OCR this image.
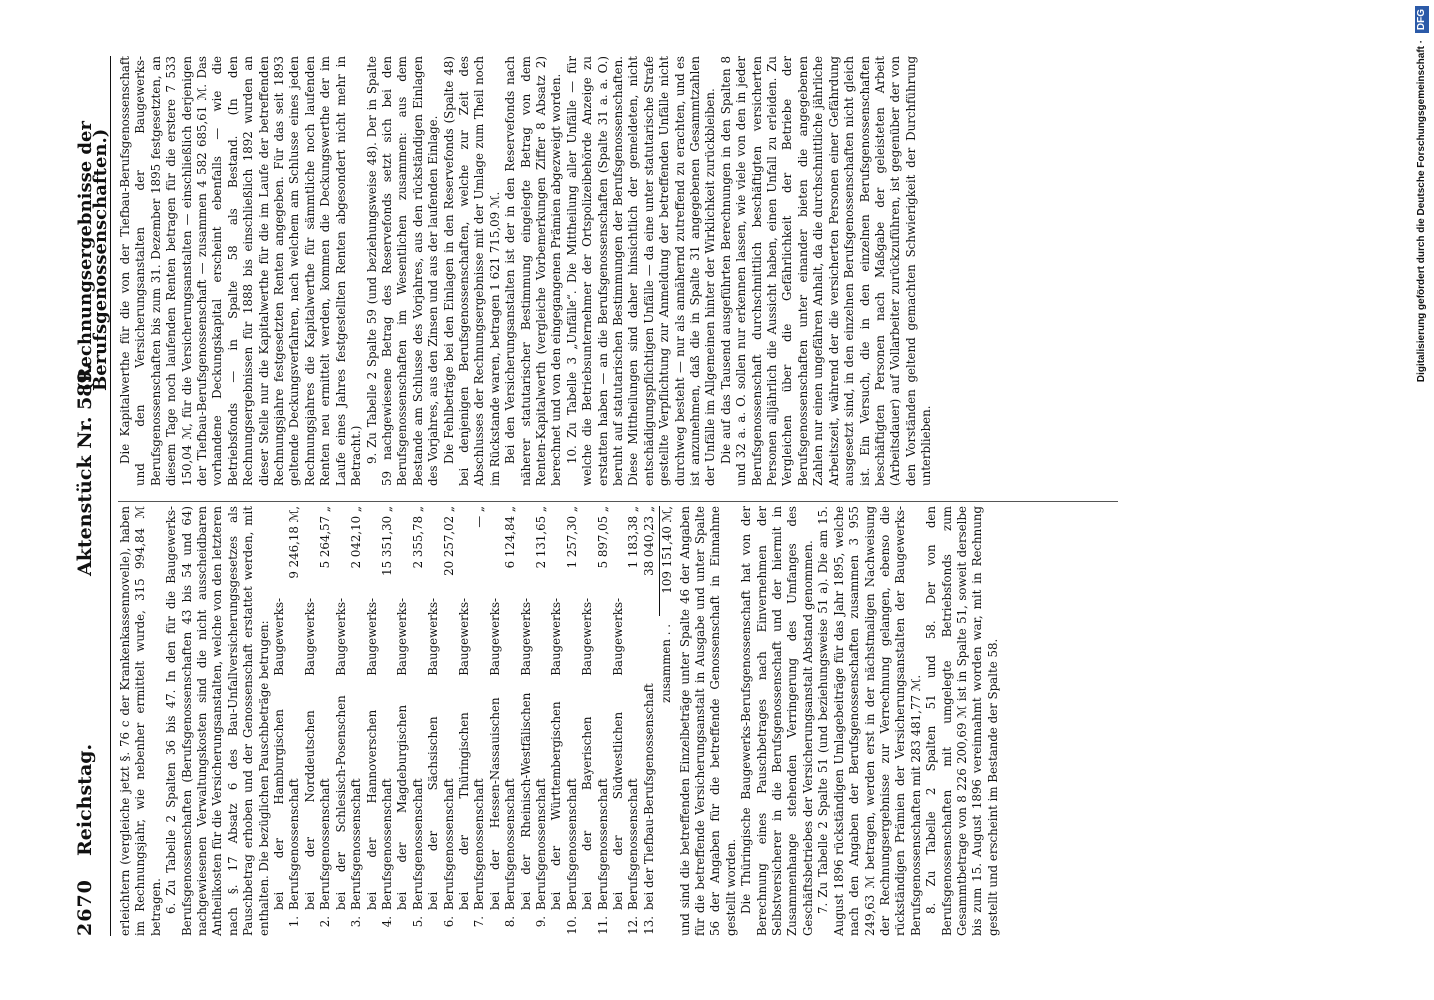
2670
Reichstag.
Aktenstück Nr. 589.
(Rechnungsergebnisse der Berufsgenossenschaften.)

erleichtern (vergleiche jetzt §. 76 c der Krankenkassennovelle), haben im Rechnungsjahr, wie nebenher ermittelt wurde, 315 994,84 ℳ betragen. 6. Zu Tabelle 2 Spalten 36 bis 47. In den für die Baugewerks-Berufsgenossenschaften (Berufsgenossenschaften 43 bis 54 und 64) nachgewiesenen Verwaltungskosten sind die nicht ausscheidbaren Antheilkosten für die Versicherungsanstalten, welche von den letzteren nach §. 17 Absatz 6 des Bau-Unfallversicherungsgesetzes als Pauschbetrag erhoben und der Genossenschaft erstattet werden, mit enthalten. Die bezüglichen Pauschbeträge betrugen: 1.
bei der Hamburgischen Baugewerks-Berufsgenossenschaft
9 246,18 ℳ,
2.
bei der Norddeutschen Baugewerks-Berufsgenossenschaft
5 264,57 „
3.
bei der Schlesisch-Posenschen Baugewerks-Berufsgenossenschaft
2 042,10 „
4.
bei der Hannoverschen Baugewerks-Berufsgenossenschaft
15 351,30 „
5.
bei der Magdeburgischen Baugewerks-Berufsgenossenschaft
2 355,78 „
6.
bei der Sächsischen Baugewerks-Berufsgenossenschaft
20 257,02 „
7.
bei der Thüringischen Baugewerks-Berufsgenossenschaft
— „
8.
bei der Hessen-Nassauischen Baugewerks-Berufsgenossenschaft
6 124,84 „
9.
bei der Rheinisch-Westfälischen Baugewerks-Berufsgenossenschaft
2 131,65 „
10.
bei der Württembergischen Baugewerks-Berufsgenossenschaft
1 257,30 „
11.
bei der Bayerischen Baugewerks-Berufsgenossenschaft
5 897,05 „
12.
bei der Südwestlichen Baugewerks-Berufsgenossenschaft
1 183,38 „
13.
bei der Tiefbau-Berufsgenossenschaft
38 040,23 „
zusammen . .
109 151,40 ℳ, und sind die betreffenden Einzelbeträge unter Spalte 46 der Angaben für die betreffende Versicherungsanstalt in Ausgabe und unter Spalte 56 der Angaben für die betreffende Genossenschaft in Einnahme gestellt worden. Die Thüringische Baugewerks-Berufsgenossenschaft hat von der Berechnung eines Pauschbetrages nach Einvernehmen der Selbstversicherer in die Berufsgenossenschaft und der hiermit in Zusammenhange stehenden Verringerung des Umfanges des Geschäftsbetriebes der Versicherungsanstalt Abstand genommen. 7. Zu Tabelle 2 Spalte 51 (und beziehungsweise 51 a). Die am 15. August 1896 rückständigen Umlagebeiträge für das Jahr 1895, welche nach den Angaben der Berufsgenossenschaften zusammen 3 955 249,63 ℳ betragen, werden erst in der nächstmaligen Nachweisung der Rechnungsergebnisse zur Verrechnung gelangen, ebenso die rückständigen Prämien der Versicherungsanstalten der Baugewerks-Berufsgenossenschaften mit 283 481,77 ℳ. 8. Zu Tabelle 2 Spalten 51 und 58. Der von den Berufsgenossenschaften mit umgelegte Betriebsfonds zum Gesammtbetrage von 8 226 200,69 ℳ ist in Spalte 51, soweit derselbe bis zum 15. August 1896 vereinnahmt worden war, mit in Rechnung gestellt und erscheint im Bestande der Spalte 58.

Die Kapitalwerthe für die von der Tiefbau-Berufsgenossenschaft und den Versicherungsanstalten der Baugewerks-Berufsgenossenschaften bis zum 31. Dezember 1895 festgesetzten, an diesem Tage noch laufenden Renten betragen für die erstere 7 533 150,04 ℳ, für die Versicherungsanstalten — einschließlich derjenigen der Tiefbau-Berufsgenossenschaft — zusammen 4 582 685,61 ℳ. Das vorhandene Deckungskapital erscheint ebenfalls — wie die Betriebsfonds — in Spalte 58 als Bestand. (In den Rechnungsergebnissen für 1888 bis einschließlich 1892 wurden an dieser Stelle nur die Kapitalwerthe für die im Laufe der betreffenden Rechnungsjahre festgesetzten Renten angegeben. Für das seit 1893 geltende Deckungsverfahren, nach welchem am Schlusse eines jeden Rechnungsjahres die Kapitalwerthe für sämmtliche noch laufenden Renten neu ermittelt werden, kommen die Deckungswerthe der im Laufe eines Jahres festgestellten Renten abgesondert nicht mehr in Betracht.) 9. Zu Tabelle 2 Spalte 59 (und beziehungsweise 48). Der in Spalte 59 nachgewiesene Betrag des Reservefonds setzt sich bei den Berufsgenossenschaften im Wesentlichen zusammen: aus dem Bestande am Schlusse des Vorjahres, aus den rückständigen Einlagen des Vorjahres, aus den Zinsen und aus der laufenden Einlage. Die Fehlbeträge bei den Einlagen in den Reservefonds (Spalte 48) bei denjenigen Berufsgenossenschaften, welche zur Zeit des Abschlusses der Rechnungsergebnisse mit der Umlage zum Theil noch im Rückstande waren, betragen 1 621 715,09 ℳ. Bei den Versicherungsanstalten ist der in den Reservefonds nach näherer statutarischer Bestimmung eingelegte Betrag von dem Renten-Kapitalwerth (vergleiche Vorbemerkungen Ziffer 8 Absatz 2) berechnet und von den eingegangenen Prämien abgezweigt worden. 10. Zu Tabelle 3 „Unfälle“. Die Mittheilung aller Unfälle — für welche die Betriebsunternehmer der Ortspolizeibehörde Anzeige zu erstatten haben — an die Berufsgenossenschaften (Spalte 31 a. a. O.) beruht auf statutarischen Bestimmungen der Berufsgenossenschaften. Diese Mittheilungen sind daher hinsichtlich der gemeldeten, nicht entschädigungspflichtigen Unfälle — da eine unter statutarische Strafe gestellte Verpflichtung zur Anmeldung der betreffenden Unfälle nicht durchweg besteht — nur als annähernd zutreffend zu erachten, und es ist anzunehmen, daß die in Spalte 31 angegebenen Gesammtzahlen der Unfälle im Allgemeinen hinter der Wirklichkeit zurückbleiben. Die auf das Tausend ausgeführten Berechnungen in den Spalten 8 und 32 a. a. O. sollen nur erkennen lassen, wie viele von den in jeder Berufsgenossenschaft durchschnittlich beschäftigten versicherten Personen alljährlich die Aussicht haben, einen Unfall zu erleiden. Zu Vergleichen über die Gefährlichkeit der Betriebe der Berufsgenossenschaften unter einander bieten die angegebenen Zahlen nur einen ungefähren Anhalt, da die durchschnittliche jährliche Arbeitszeit, während der die versicherten Personen einer Gefährdung ausgesetzt sind, in den einzelnen Berufsgenossenschaften nicht gleich ist. Ein Versuch, die in den einzelnen Berufsgenossenschaften beschäftigten Personen nach Maßgabe der geleisteten Arbeit (Arbeitsdauer) auf Vollarbeiter zurückzuführen, ist gegenüber der von den Vorständen geltend gemachten Schwierigkeit der Durchführung unterblieben.

Digitalisierung gefördert durch die Deutsche Forschungsgemeinschaft · DFG
